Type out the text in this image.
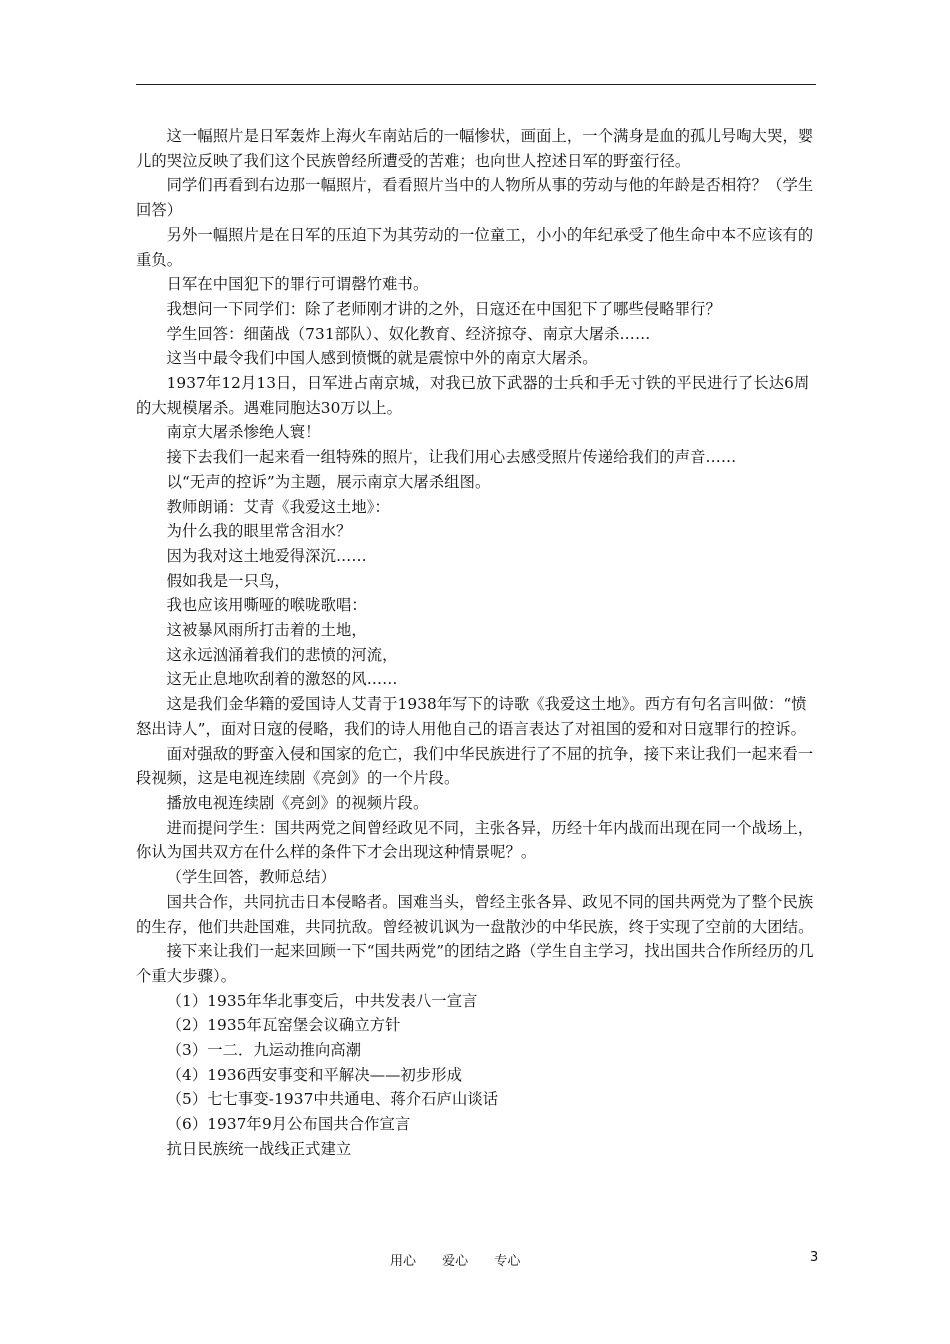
这一幅照片是日军轰炸上海火车南站后的一幅惨状，画面上，一个满身是血的孤儿号啕大哭，婴儿的哭泣反映了我们这个民族曾经所遭受的苦难；也向世人控述日军的野蛮行径。

同学们再看到右边那一幅照片，看看照片当中的人物所从事的劳动与他的年龄是否相符？（学生回答）

另外一幅照片是在日军的压迫下为其劳动的一位童工，小小的年纪承受了他生命中本不应该有的重负。

日军在中国犯下的罪行可谓罄竹难书。

我想问一下同学们：除了老师刚才讲的之外，日寇还在中国犯下了哪些侵略罪行？

学生回答：细菌战（731部队）、奴化教育、经济掠夺、南京大屠杀……

这当中最令我们中国人感到愤慨的就是震惊中外的南京大屠杀。

1937年12月13日，日军进占南京城，对我已放下武器的士兵和手无寸铁的平民进行了长达6周的大规模屠杀。遇难同胞达30万以上。

南京大屠杀惨绝人寰！

接下去我们一起来看一组特殊的照片，让我们用心去感受照片传递给我们的声音……

以“无声的控诉”为主题，展示南京大屠杀组图。

教师朗诵：艾青《我爱这土地》：

为什么我的眼里常含泪水？

因为我对这土地爱得深沉……

假如我是一只鸟，

我也应该用嘶哑的喉咙歌唱：

这被暴风雨所打击着的土地，

这永远汹涌着我们的悲愤的河流，

这无止息地吹刮着的激怒的风……

这是我们金华籍的爱国诗人艾青于1938年写下的诗歌《我爱这土地》。西方有句名言叫做：“愤怒出诗人”，面对日寇的侵略，我们的诗人用他自己的语言表达了对祖国的爱和对日寇罪行的控诉。

面对强敌的野蛮入侵和国家的危亡，我们中华民族进行了不屈的抗争，接下来让我们一起来看一段视频，这是电视连续剧《亮剑》的一个片段。

播放电视连续剧《亮剑》的视频片段。

进而提问学生：国共两党之间曾经政见不同，主张各异，历经十年内战而出现在同一个战场上，你认为国共双方在什么样的条件下才会出现这种情景呢？。

（学生回答，教师总结）

国共合作，共同抗击日本侵略者。国难当头，曾经主张各异、政见不同的国共两党为了整个民族的生存，他们共赴国难，共同抗敌。曾经被讥讽为一盘散沙的中华民族，终于实现了空前的大团结。

接下来让我们一起来回顾一下“国共两党”的团结之路（学生自主学习，找出国共合作所经历的几个重大步骤）。

（1）1935年华北事变后，中共发表八一宣言

（2）1935年瓦窑堡会议确立方针

（3）一二．九运动推向高潮

（4）1936西安事变和平解决——初步形成

（5）七七事变-1937中共通电、蒋介石庐山谈话

（6）1937年9月公布国共合作宣言

抗日民族统一战线正式建立

用心 爱心 专心	3
